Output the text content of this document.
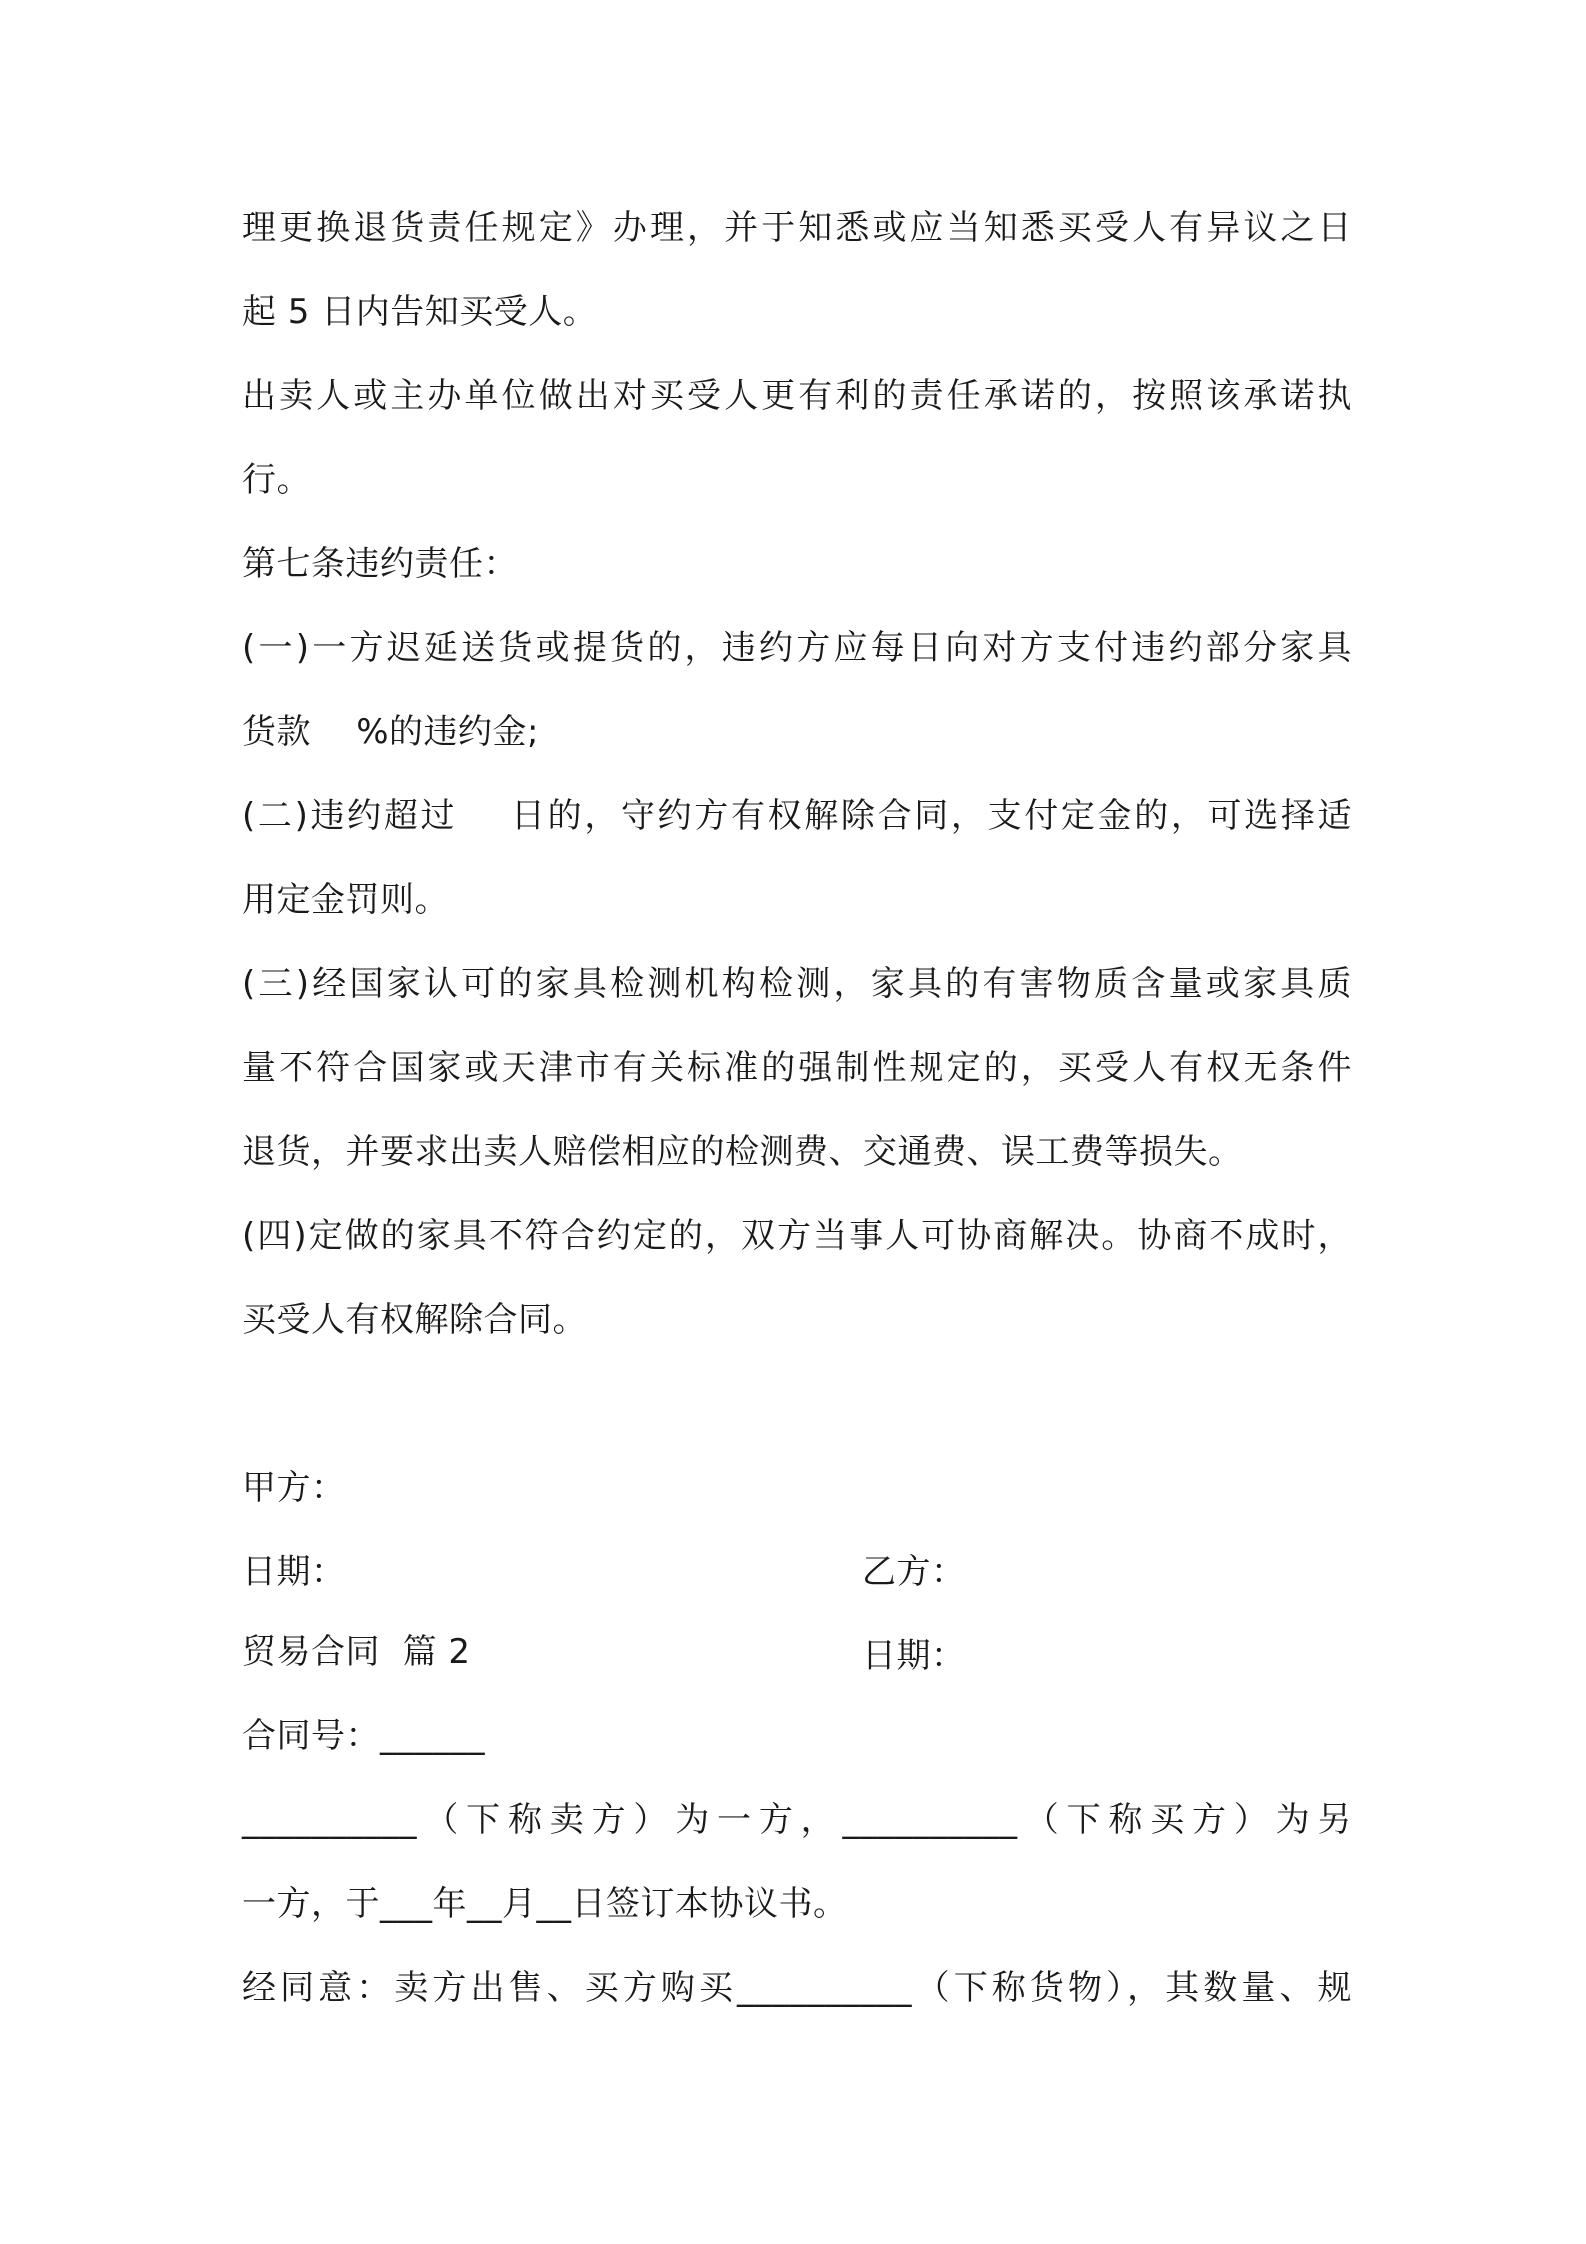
理更换退货责任规定》办理，并于知悉或应当知悉买受人有异议之日
起 5 日内告知买受人。
出卖人或主办单位做出对买受人更有利的责任承诺的，按照该承诺执
行。
第七条违约责任：
(一)一方迟延送货或提货的，违约方应每日向对方支付违约部分家具
货款    %的违约金;
(二)违约超过    日的，守约方有权解除合同，支付定金的，可选择适
用定金罚则。
(三)经国家认可的家具检测机构检测，家具的有害物质含量或家具质
量不符合国家或天津市有关标准的强制性规定的，买受人有权无条件
退货，并要求出卖人赔偿相应的检测费、交通费、误工费等损失。
(四)定做的家具不符合约定的，双方当事人可协商解决。协商不成时，
买受人有权解除合同。

甲方：

乙方：

日期：

日期：

贸易合同  篇 2
合同号：______
__________（下称卖方）为一方，__________（下称买方）为另
一方，于___年__月__日签订本协议书。
经同意：卖方出售、买方购买__________（下称货物），其数量、规
